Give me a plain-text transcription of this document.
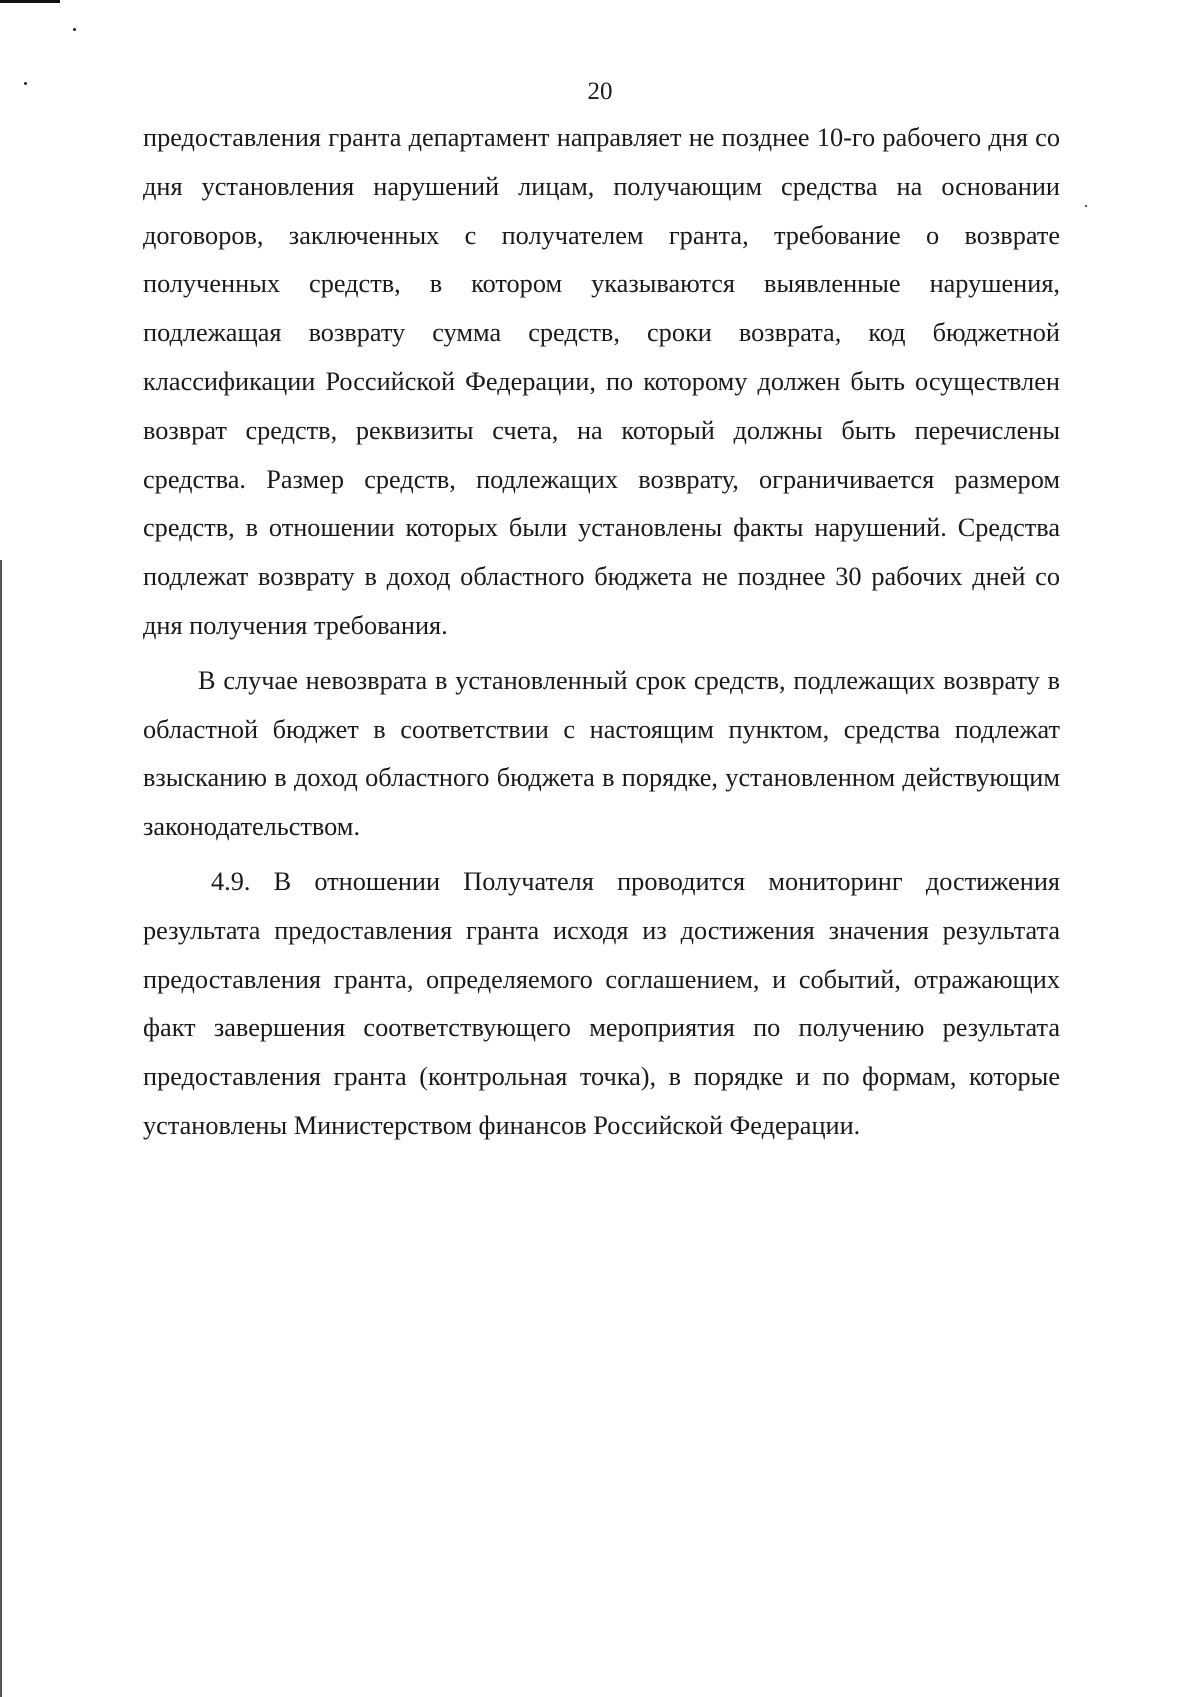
20

предоставления гранта департамент направляет не позднее 10-го рабочего дня со дня установления нарушений лицам, получающим средства на основании договоров, заключенных с получателем гранта, требование о возврате полученных средств, в котором указываются выявленные нарушения, подлежащая возврату сумма средств, сроки возврата, код бюджетной классификации Российской Федерации, по которому должен быть осуществлен возврат средств, реквизиты счета, на который должны быть перечислены средства. Размер средств, подлежащих возврату, ограничивается размером средств, в отношении которых были установлены факты нарушений. Средства подлежат возврату в доход областного бюджета не позднее 30 рабочих дней со дня получения требования.

В случае невозврата в установленный срок средств, подлежащих возврату в областной бюджет в соответствии с настоящим пунктом, средства подлежат взысканию в доход областного бюджета в порядке, установленном действующим законодательством.

4.9. В отношении Получателя проводится мониторинг достижения результата предоставления гранта исходя из достижения значения результата предоставления гранта, определяемого соглашением, и событий, отражающих факт завершения соответствующего мероприятия по получению результата предоставления гранта (контрольная точка), в порядке и по формам, которые установлены Министерством финансов Российской Федерации.
